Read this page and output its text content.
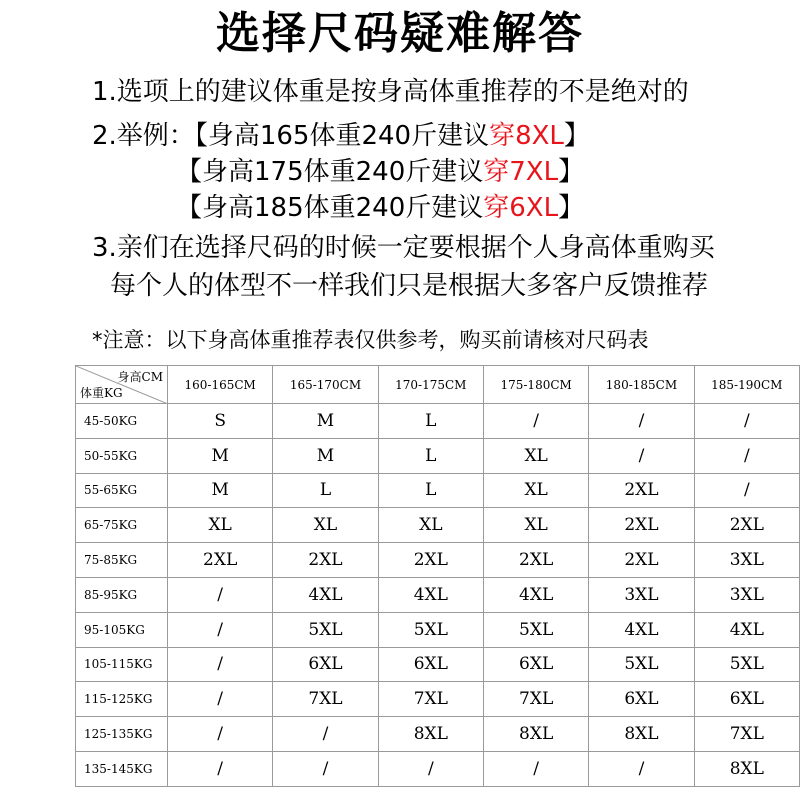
选择尺码疑难解答
1.选项上的建议体重是按身高体重推荐的不是绝对的
2.举例：【身高165体重240斤建议穿8XL】
【身高175体重240斤建议穿7XL】
【身高185体重240斤建议穿6XL】
3.亲们在选择尺码的时候一定要根据个人身高体重购买
每个人的体型不一样我们只是根据大多客户反馈推荐
*注意：以下身高体重推荐表仅供参考，购买前请核对尺码表
身高CM
体重KG	160-165CM	165-170CM	170-175CM	175-180CM	180-185CM	185-190CM
45-50KG	S	M	L	/	/	/
50-55KG	M	M	L	XL	/	/
55-65KG	M	L	L	XL	2XL	/
65-75KG	XL	XL	XL	XL	2XL	2XL
75-85KG	2XL	2XL	2XL	2XL	2XL	3XL
85-95KG	/	4XL	4XL	4XL	3XL	3XL
95-105KG	/	5XL	5XL	5XL	4XL	4XL
105-115KG	/	6XL	6XL	6XL	5XL	5XL
115-125KG	/	7XL	7XL	7XL	6XL	6XL
125-135KG	/	/	8XL	8XL	8XL	7XL
135-145KG	/	/	/	/	/	8XL
